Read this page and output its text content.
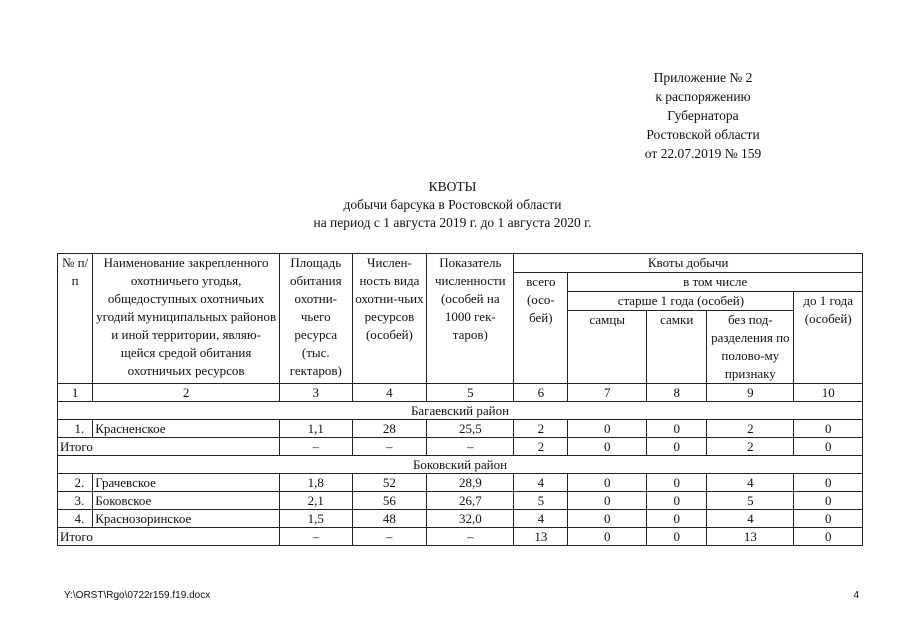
Приложение № 2
к распоряжению
Губернатора
Ростовской области
от 22.07.2019 № 159
КВОТЫ
добычи барсука в Ростовской области
на период с 1 августа 2019 г. до 1 августа 2020 г.
№ п/п	Наименование закрепленного охотничьего угодья, общедоступных охотничьих угодий муниципальных районов и иной территории, являю-щейся средой обитания охотничьих ресурсов	Площадь обитания охотни-чьего ресурса (тыс. гектаров)	Числен-ность вида охотни-чьих ресурсов (особей)	Показатель численности (особей на 1000 гек-таров)	Квоты добычи				
					всего (осо-бей)	в том числе			
						старше 1 года (особей)			до 1 года (особей)
						самцы	самки	без под-разделения по полово-му признаку	
1	2	3	4	5	6	7	8	9	10
Багаевский район									
1.	Красненское	1,1	28	25,5	2	0	0	2	0
Итого		–	–	–	2	0	0	2	0
Боковский район									
2.	Грачевское	1,8	52	28,9	4	0	0	4	0
3.	Боковское	2,1	56	26,7	5	0	0	5	0
4.	Краснозоринское	1,5	48	32,0	4	0	0	4	0
Итого		–	–	–	13	0	0	13	0
Y:\ORST\Rgo\0722r159.f19.docx	4
